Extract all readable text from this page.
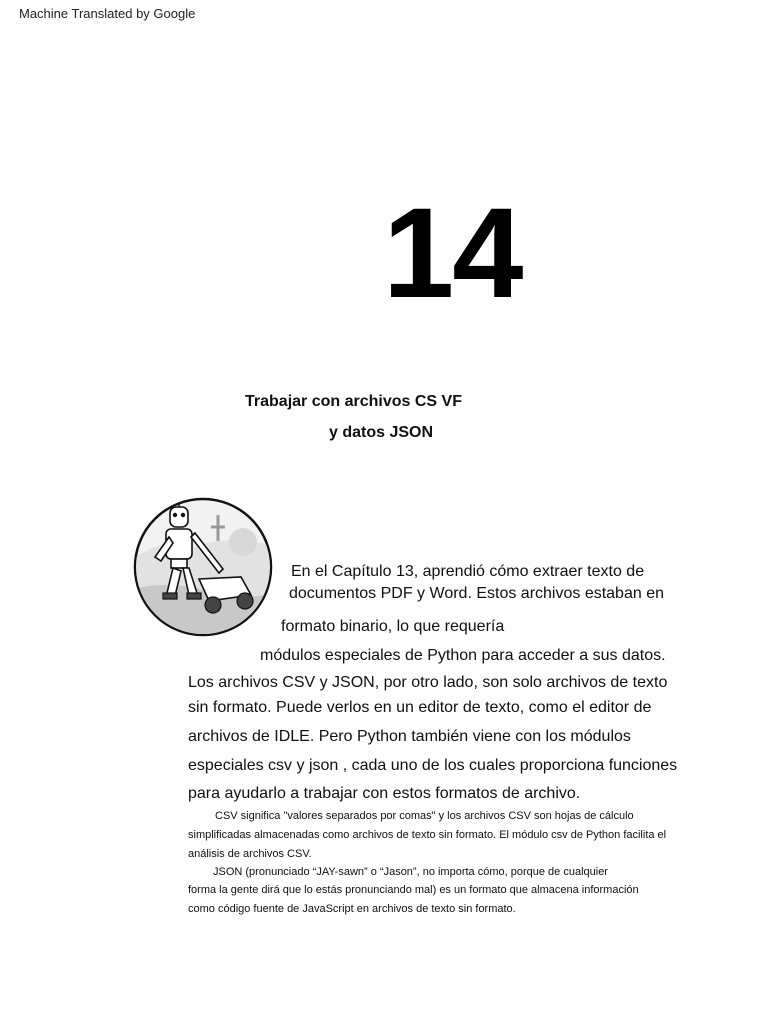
Machine Translated by Google
14
Trabajar con archivos CS VF
y datos JSON
En el Capítulo 13, aprendió cómo extraer texto de
documentos PDF y Word. Estos archivos estaban en
formato binario, lo que requería
módulos especiales de Python para acceder a sus datos.
Los archivos CSV y JSON, por otro lado, son solo archivos de texto
sin formato. Puede verlos en un editor de texto, como el editor de
archivos de IDLE. Pero Python también viene con los módulos
especiales csv y json , cada uno de los cuales proporciona funciones
para ayudarlo a trabajar con estos formatos de archivo.
CSV significa "valores separados por comas" y los archivos CSV son hojas de cálculo
simplificadas almacenadas como archivos de texto sin formato. El módulo csv de Python facilita el
análisis de archivos CSV.
JSON (pronunciado “JAY-sawn” o “Jason”, no importa cómo, porque de cualquier
forma la gente dirá que lo estás pronunciando mal) es un formato que almacena información
como código fuente de JavaScript en archivos de texto sin formato.
